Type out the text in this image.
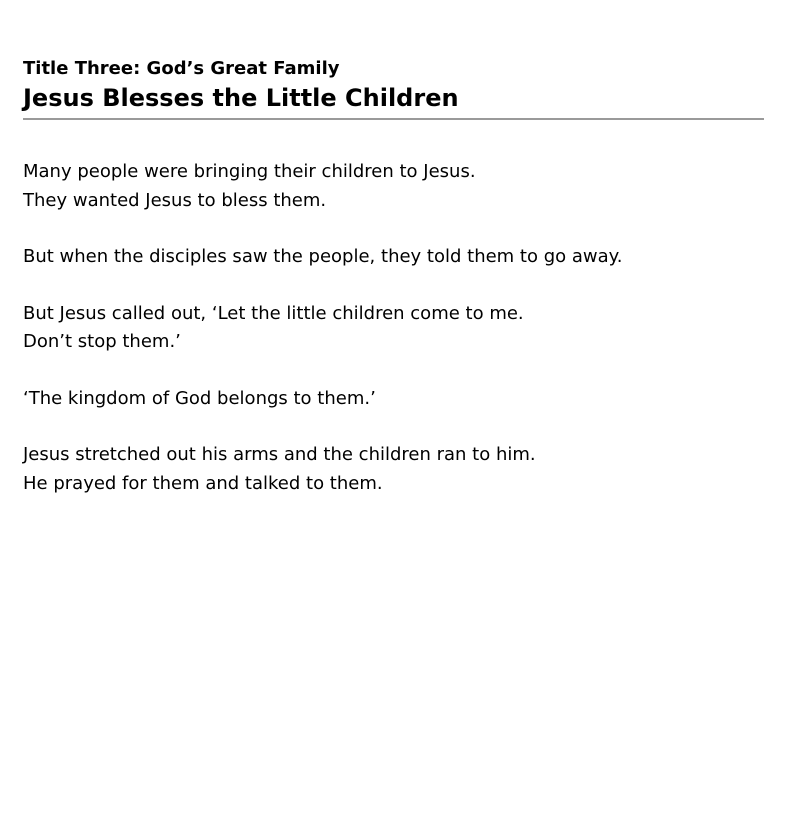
Title Three: God’s Great Family
Jesus Blesses the Little Children
Many people were bringing their children to Jesus.
They wanted Jesus to bless them.
But when the disciples saw the people, they told them to go away.
But Jesus called out, ‘Let the little children come to me.
Don’t stop them.’
‘The kingdom of God belongs to them.’
Jesus stretched out his arms and the children ran to him.
He prayed for them and talked to them.
